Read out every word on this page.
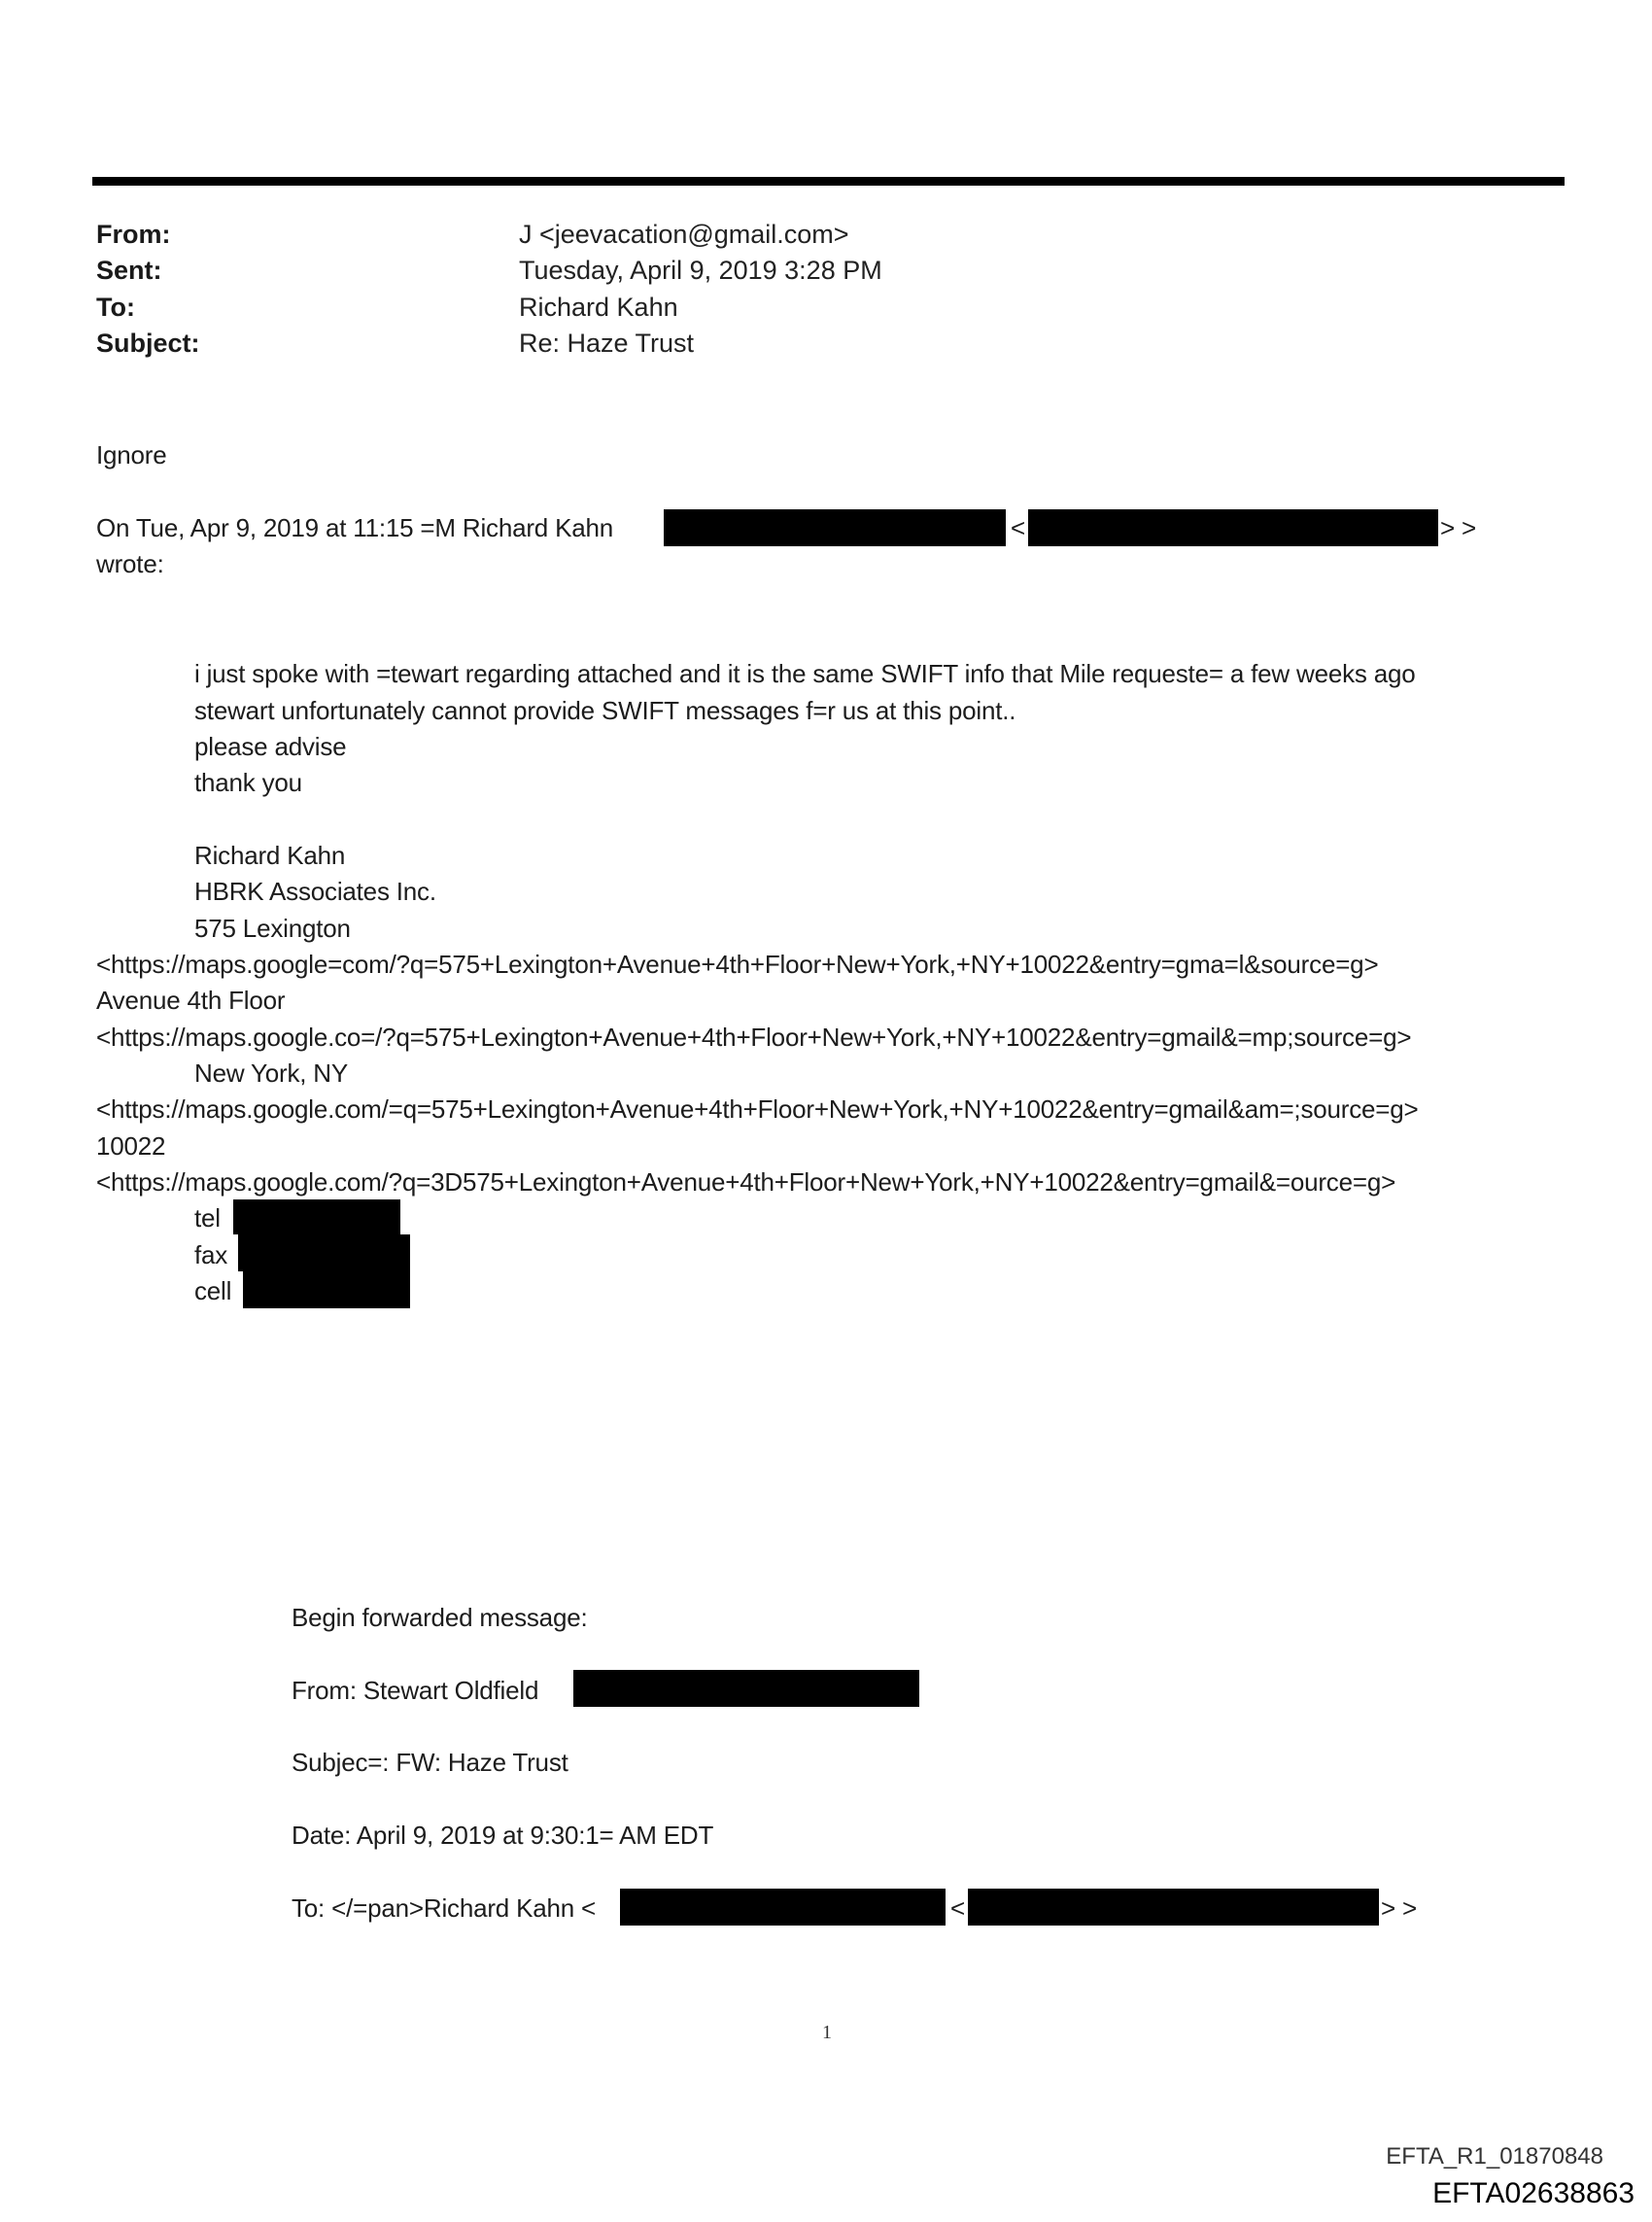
From:	J <jeevacation@gmail.com>
Sent:	Tuesday, April 9, 2019 3:28 PM
To:	Richard Kahn
Subject:	Re: Haze Trust
Ignore
On Tue, Apr 9, 2019 at 11:15 =M Richard Kahn	<	> >
wrote:
i just spoke with =tewart regarding attached and it is the same SWIFT info that Mile requeste= a few weeks ago
stewart unfortunately cannot provide SWIFT messages f=r us at this point..
please advise
thank you
Richard Kahn
HBRK Associates Inc.
575 Lexington
<https://maps.google=com/?q=575+Lexington+Avenue+4th+Floor+New+York,+NY+10022&entry=gma=l&source=g>
Avenue 4th Floor
<https://maps.google.co=/?q=575+Lexington+Avenue+4th+Floor+New+York,+NY+10022&entry=gmail&=mp;source=g>
New York, NY
<https://maps.google.com/=q=575+Lexington+Avenue+4th+Floor+New+York,+NY+10022&entry=gmail&am=;source=g>
10022
<https://maps.google.com/?q=3D575+Lexington+Avenue+4th+Floor+New+York,+NY+10022&entry=gmail&=ource=g>
tel
fax
cell
Begin forwarded message:
From: Stewart Oldfield
Subjec=: FW: Haze Trust
Date: April 9, 2019 at 9:30:1= AM EDT
To: </=pan>Richard Kahn <	<	> >
1
EFTA_R1_01870848
EFTA02638863
